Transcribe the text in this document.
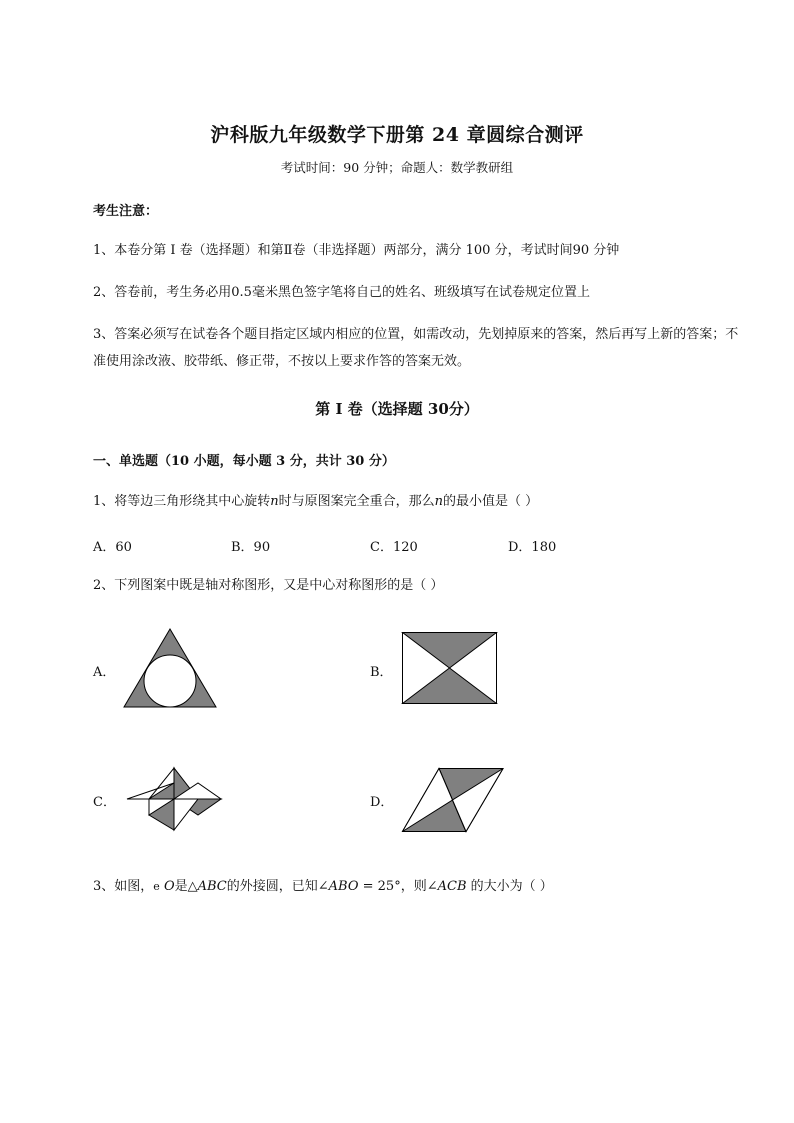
沪科版九年级数学下册第 24 章圆综合测评
考试时间：90 分钟；命题人：数学教研组
考生注意：
1、本卷分第 I 卷（选择题）和第Ⅱ卷（非选择题）两部分，满分 100 分，考试时间90 分钟
2、答卷前，考生务必用0.5毫米黑色签字笔将自己的姓名、班级填写在试卷规定位置上
3、答案必须写在试卷各个题目指定区域内相应的位置，如需改动，先划掉原来的答案，然后再写上新的答案；不准使用涂改液、胶带纸、修正带，不按以上要求作答的答案无效。
第 I 卷（选择题 30分）
一、单选题（10 小题，每小题 3 分，共计 30 分）
1、将等边三角形绕其中心旋转n时与原图案完全重合，那么n的最小值是（ ）
A．60	B．90	C．120	D．180
2、下列图案中既是轴对称图形，又是中心对称图形的是（ ）
A．	B．
C．	D．
3、如图，e O是△ABC的外接圆，已知∠ABO = 25°，则∠ACB 的大小为（ ）
